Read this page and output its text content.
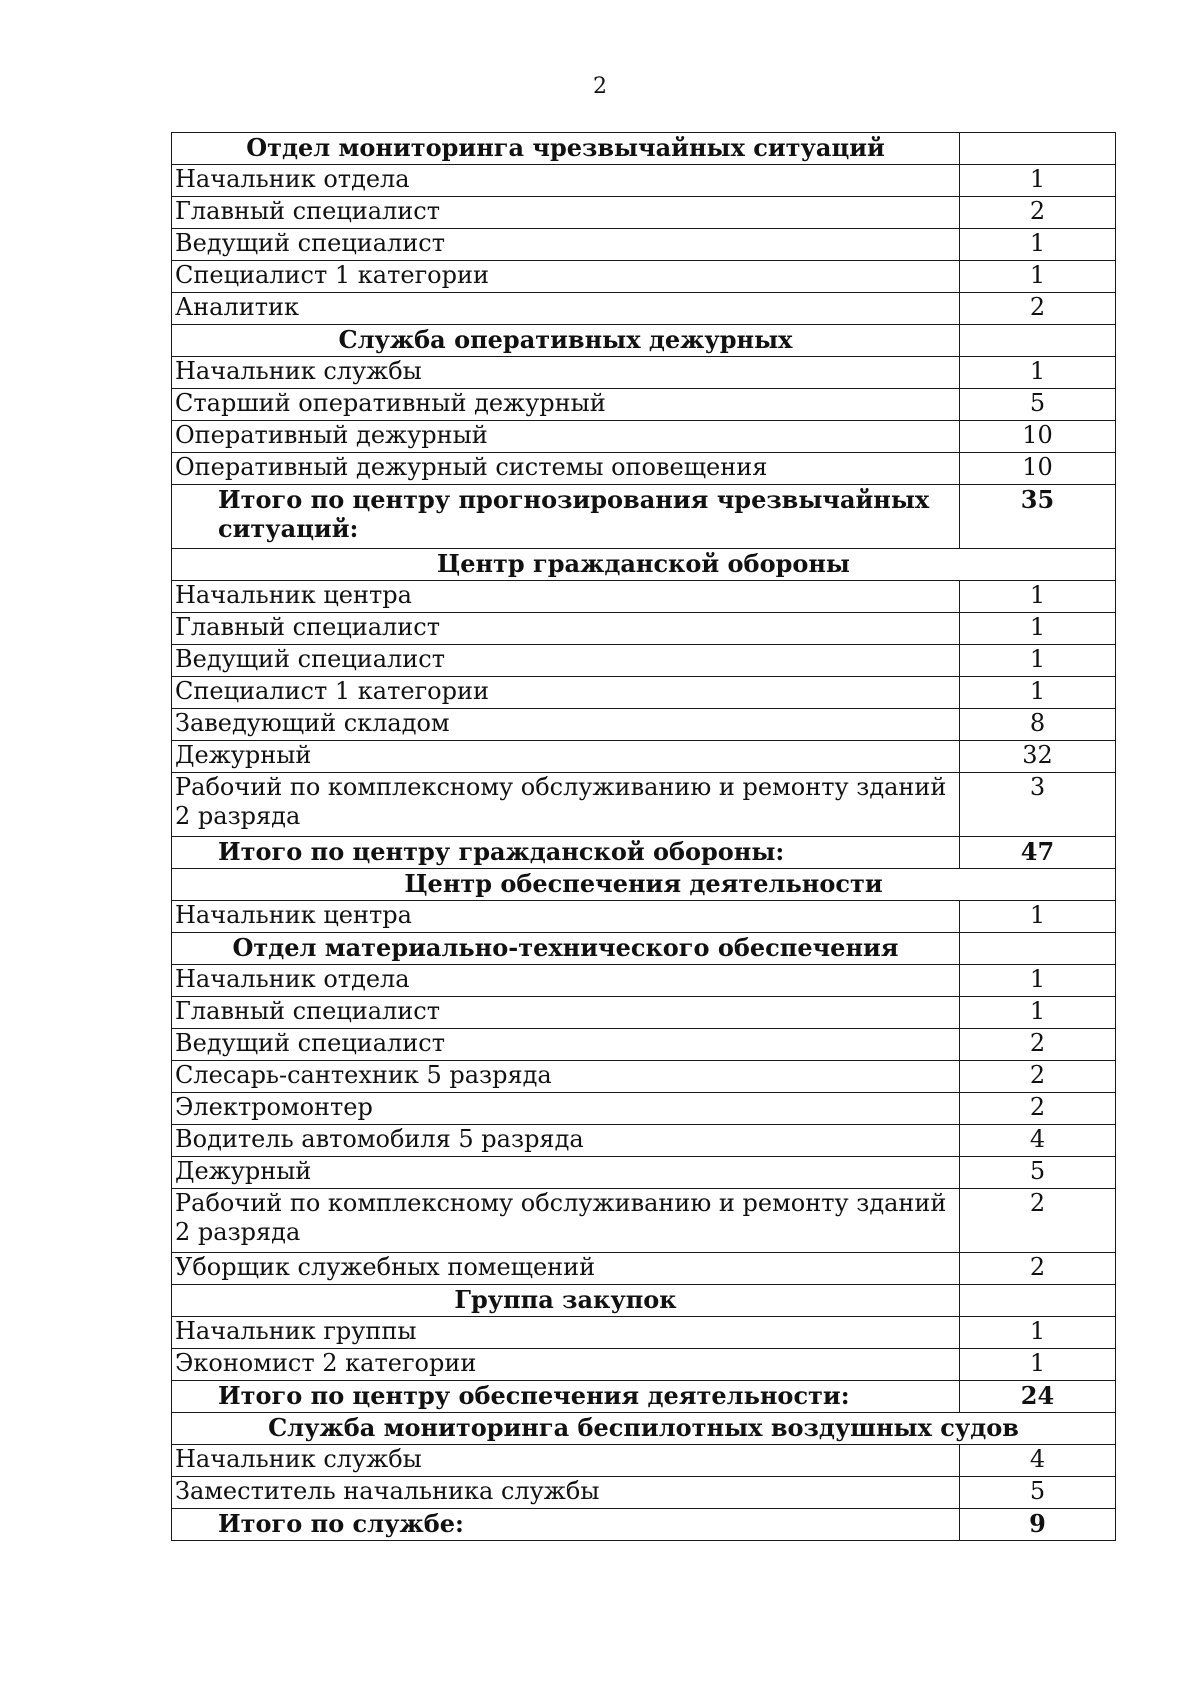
2
Отдел мониторинга чрезвычайных ситуаций	
Начальник отдела	1
Главный специалист	2
Ведущий специалист	1
Специалист 1 категории	1
Аналитик	2
Служба оперативных дежурных	
Начальник службы	1
Старший оперативный дежурный	5
Оперативный дежурный	10
Оперативный дежурный системы оповещения	10
Итого по центру прогнозирования чрезвычайных ситуаций:	35
Центр гражданской обороны	
Начальник центра	1
Главный специалист	1
Ведущий специалист	1
Специалист 1 категории	1
Заведующий складом	8
Дежурный	32
Рабочий по комплексному обслуживанию и ремонту зданий 2 разряда	3
Итого по центру гражданской обороны:	47
Центр обеспечения деятельности	
Начальник центра	1
Отдел материально-технического обеспечения	
Начальник отдела	1
Главный специалист	1
Ведущий специалист	2
Слесарь-сантехник 5 разряда	2
Электромонтер	2
Водитель автомобиля 5 разряда	4
Дежурный	5
Рабочий по комплексному обслуживанию и ремонту зданий 2 разряда	2
Уборщик служебных помещений	2
Группа закупок	
Начальник группы	1
Экономист 2 категории	1
Итого по центру обеспечения деятельности:	24
Служба мониторинга беспилотных воздушных судов	
Начальник службы	4
Заместитель начальника службы	5
Итого по службе:	9
